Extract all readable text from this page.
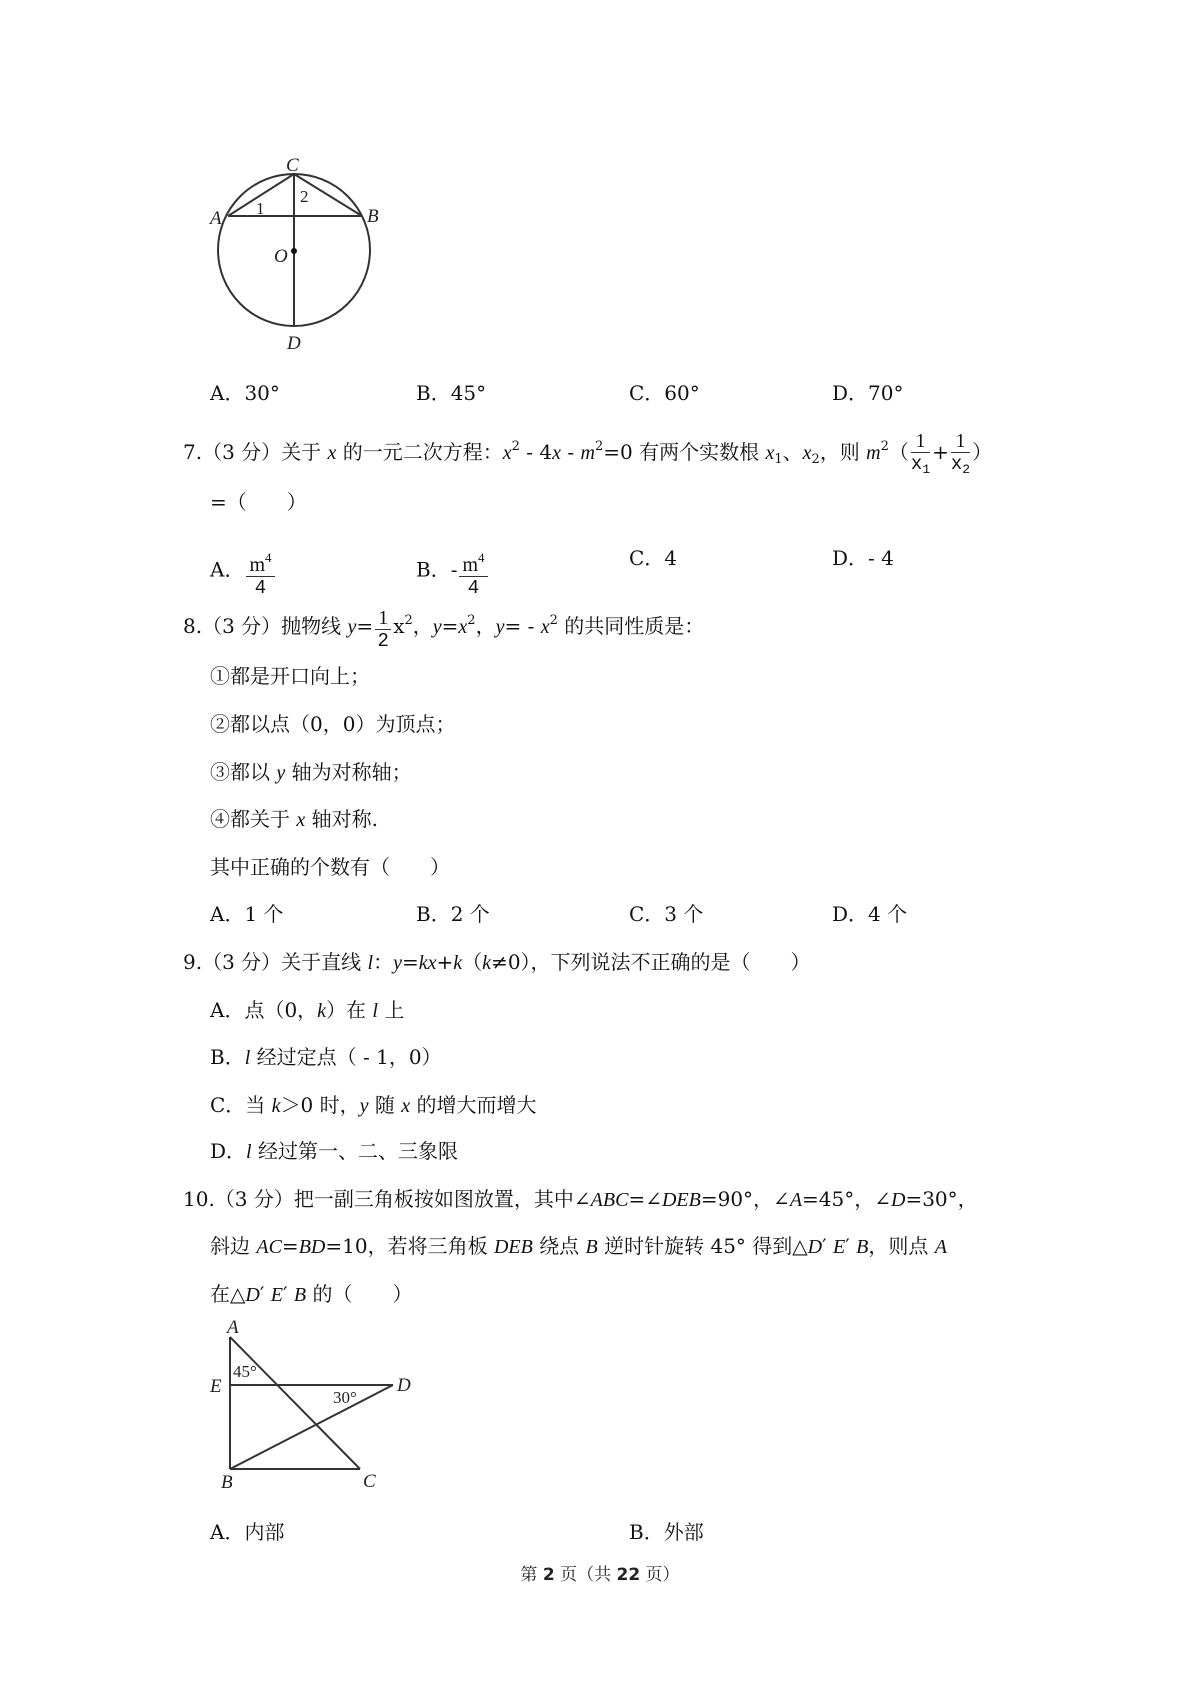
C
A	B
O
D
1
2
A
E	D
B	C
45°
30°
A．30°	B．45°	C．60°	D．70°
7.（3 分）关于 x 的一元二次方程：$x^2 - 4x - m^2=0$ 有两个实数根 $x_1$、$x_2$，则 $m^2( \frac{1}{x_1} + \frac{1}{x_2}$ ）
=（　　）
A． $\frac{m^4}{4}$	B．- $\frac{m^4}{4}$	C．4	D．- 4
8.（3 分）抛物线 $y= \frac{1}{2} x^2$，$y=x^2$，$y= - x^2$ 的共同性质是：
①都是开口向上；
②都以点（0，0）为顶点；
③都以 y 轴为对称轴；
④都关于 x 轴对称.
其中正确的个数有（　　）
A．1 个	B．2 个	C．3 个	D．4 个
9.（3 分）关于直线 l：y=kx+k（k≠0），下列说法不正确的是（　　）
A．点（0，k）在 l 上
B．l 经过定点（ - 1，0）
C．当 k＞0 时，y 随 x 的增大而增大
D．l 经过第一、二、三象限
10.（3 分）把一副三角板按如图放置，其中∠ABC=∠DEB=90°，∠A=45°，∠D=30°，
斜边 AC=BD=10，若将三角板 DEB 绕点 B 逆时针旋转 45° 得到△D′ E′ B，则点 A
在△D′ E′ B 的（　　）
A．内部	B．外部
第 2 页（共 22 页）
